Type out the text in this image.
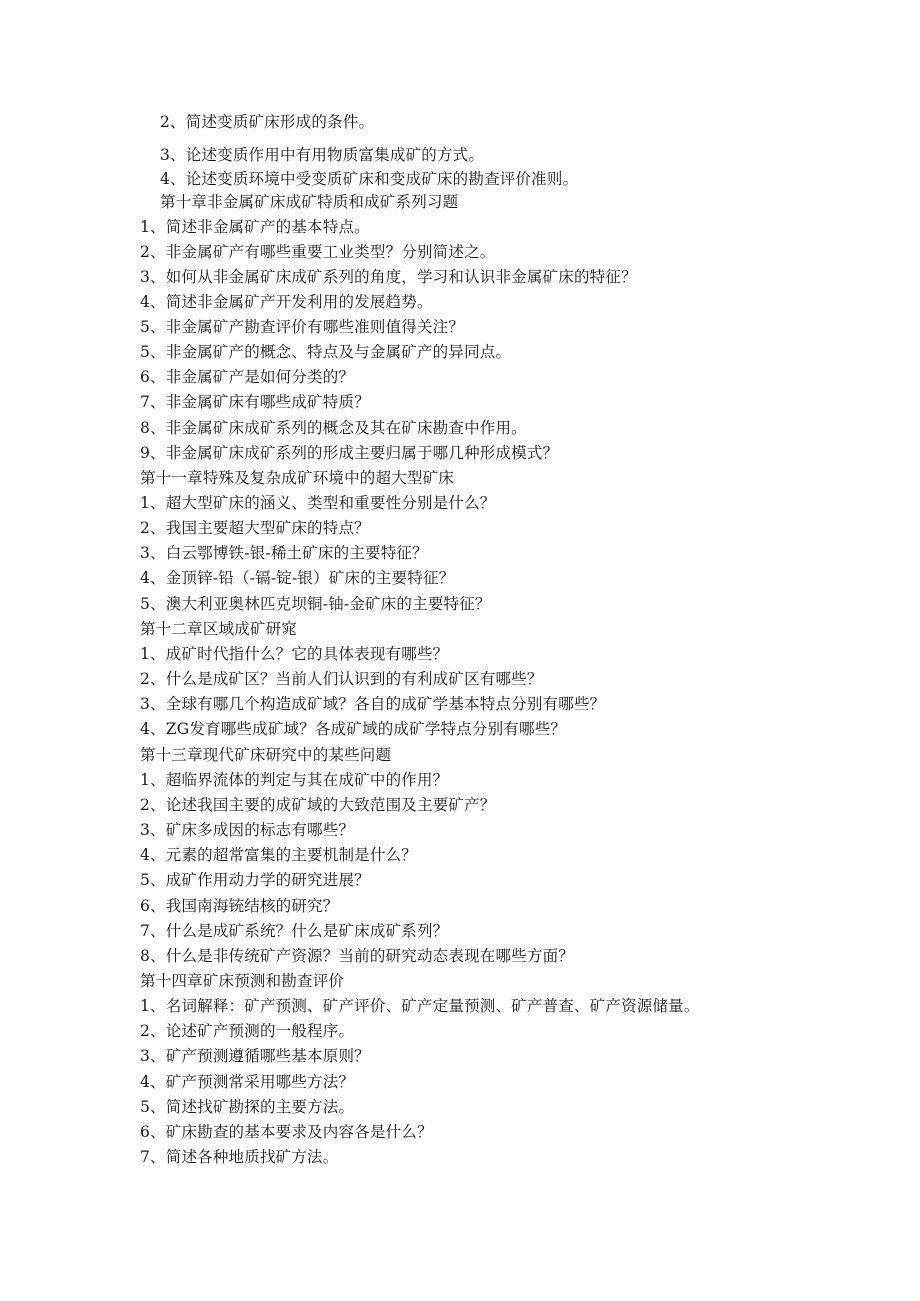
2、简述变质矿床形成的条件。
3、论述变质作用中有用物质富集成矿的方式。
4、论述变质环境中受变质矿床和变成矿床的勘查评价准则。
第十章非金属矿床成矿特质和成矿系列习题
1、简述非金属矿产的基本特点。
2、非金属矿产有哪些重要工业类型？分别简述之。
3、如何从非金属矿床成矿系列的角度，学习和认识非金属矿床的特征？
4、简述非金属矿产开发利用的发展趋势。
5、非金属矿产勘查评价有哪些准则值得关注？
5、非金属矿产的概念、特点及与金属矿产的异同点。
6、非金属矿产是如何分类的？
7、非金属矿床有哪些成矿特质？
8、非金属矿床成矿系列的概念及其在矿床勘查中作用。
9、非金属矿床成矿系列的形成主要归属于哪几种形成模式？
第十一章特殊及复杂成矿环境中的超大型矿床
1、超大型矿床的涵义、类型和重要性分别是什么？
2、我国主要超大型矿床的特点？
3、白云鄂博铁-银-稀土矿床的主要特征？
4、金顶锌-铅（-镉-锭-银）矿床的主要特征？
5、澳大利亚奥林匹克坝铜-铀-金矿床的主要特征？
第十二章区域成矿研窕
1、成矿时代指什么？它的具体表现有哪些？
2、什么是成矿区？当前人们认识到的有利成矿区有哪些？
3、全球有哪几个构造成矿域？各自的成矿学基本特点分别有哪些？
4、ZG发育哪些成矿域？各成矿域的成矿学特点分别有哪些？
第十三章现代矿床研究中的某些问题
1、超临界流体的判定与其在成矿中的作用？
2、论述我国主要的成矿域的大致范围及主要矿产？
3、矿床多成因的标志有哪些？
4、元素的超常富集的主要机制是什么？
5、成矿作用动力学的研究进展？
6、我国南海铳结核的研究？
7、什么是成矿系统？什么是矿床成矿系列？
8、什么是非传统矿产资源？当前的研究动态表现在哪些方面？
第十四章矿床预测和勘查评价
1、名词解释：矿产预测、矿产评价、矿产定量预测、矿产普查、矿产资源储量。
2、论述矿产预测的一般程序。
3、矿产预测遵循哪些基本原则？
4、矿产预测常采用哪些方法？
5、简述找矿勘探的主要方法。
6、矿床勘查的基本要求及内容各是什么？
7、简述各种地质找矿方法。
